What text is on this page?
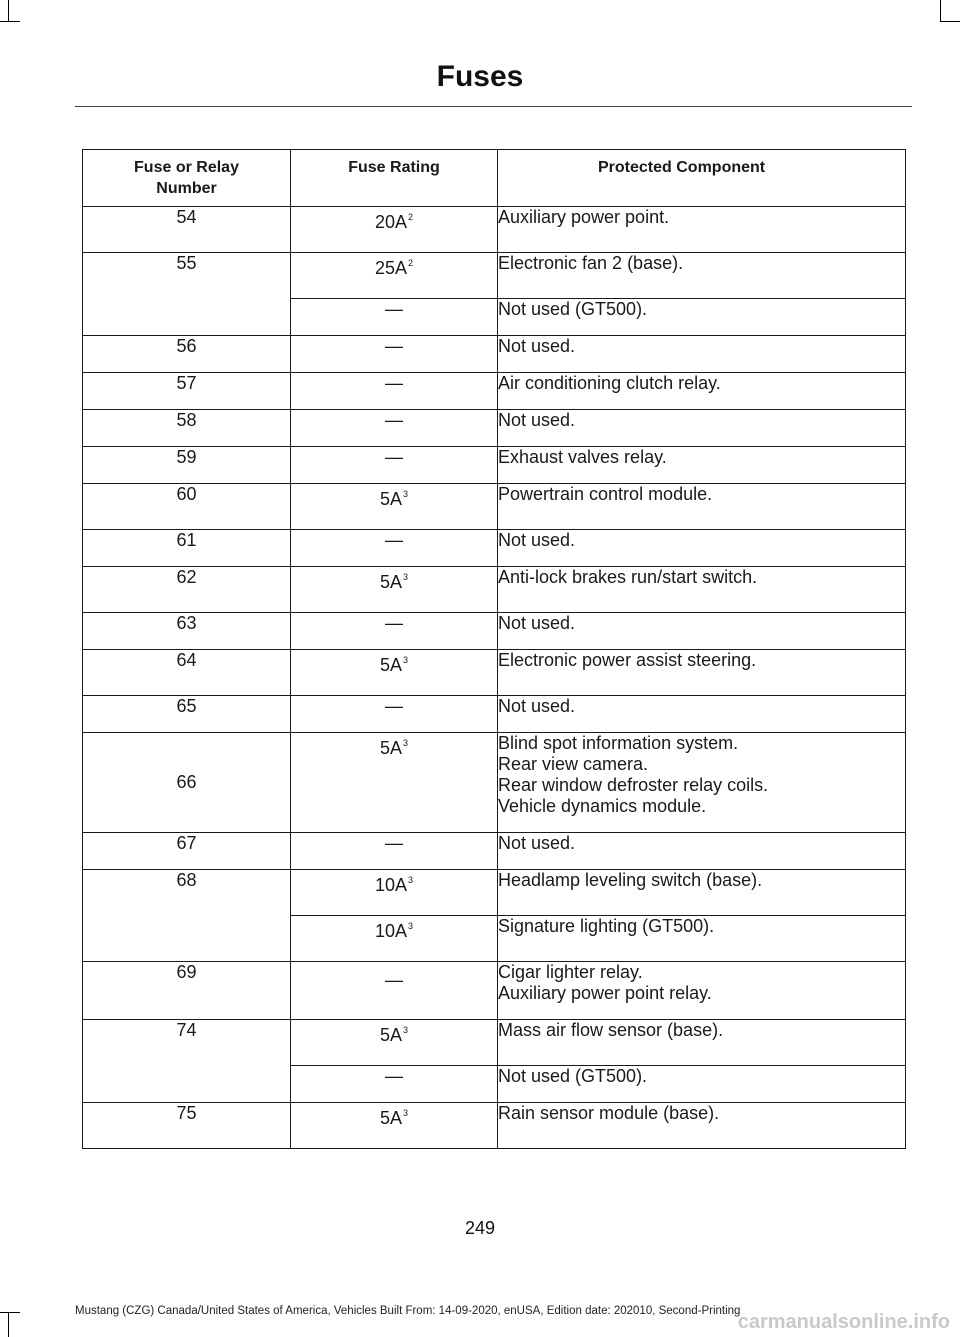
Fuses
Fuse or Relay Number	Fuse Rating	Protected Component
54	$20A^2$	Auxiliary power point.

55	$25A^2$	Electronic fan 2 (base).

	—	Not used (GT500).

56	—	Not used.

57	—	Air conditioning clutch relay.

58	—	Not used.

59	—	Exhaust valves relay.

60	$5A^3$	Powertrain control module.

61	—	Not used.

62	$5A^3$	Anti-lock brakes run/start switch.

63	—	Not used.

64	$5A^3$	Electronic power assist steering.

65	—	Not used.

66	$5A^3$	Blind spot information system.
Rear view camera.
Rear window defroster relay coils.
Vehicle dynamics module.

67	—	Not used.

68	$10A^3$	Headlamp leveling switch (base).

	$10A^3$	Signature lighting (GT500).

69	—	Cigar lighter relay.
Auxiliary power point relay.

74	$5A^3$	Mass air flow sensor (base).

	—	Not used (GT500).

75	$5A^3$	Rain sensor module (base).
249
Mustang (CZG) Canada/United States of America, Vehicles Built From: 14-09-2020, enUSA, Edition date: 202010, Second-Printing
carmanualsonline.info
